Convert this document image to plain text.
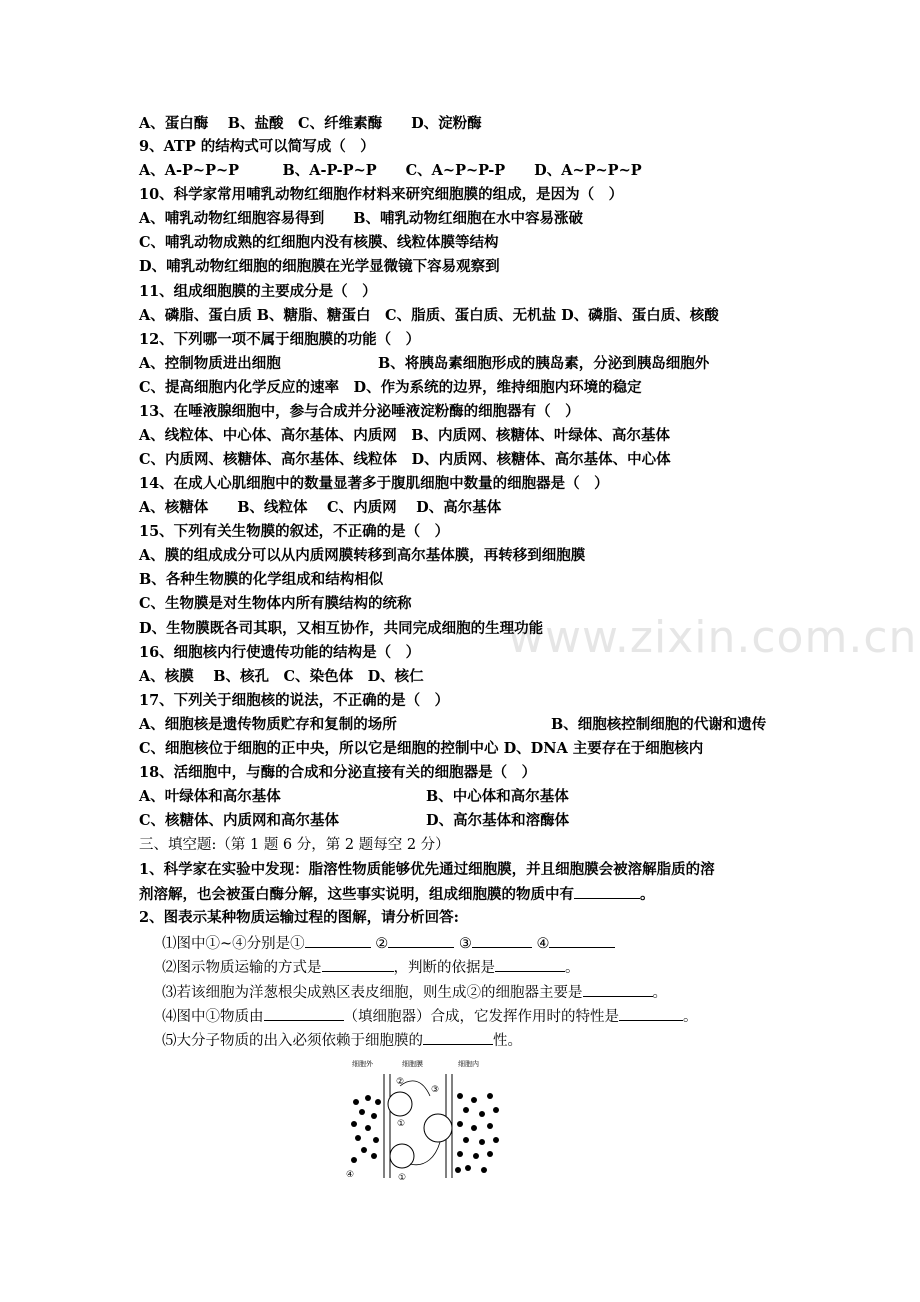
www.zixin.com.cn
A、蛋白酶　 B、盐酸　C、纤维素酶　　D、淀粉酶
9、ATP 的结构式可以简写成（　）
A、A-P~P~P　　　B、A-P-P~P　　C、A~P~P-P　　D、A~P~P~P
10、科学家常用哺乳动物红细胞作材料来研究细胞膜的组成，是因为（　）
A、哺乳动物红细胞容易得到　　B、哺乳动物红细胞在水中容易涨破
C、哺乳动物成熟的红细胞内没有核膜、线粒体膜等结构
D、哺乳动物红细胞的细胞膜在光学显微镜下容易观察到
11、组成细胞膜的主要成分是（　）
A、磷脂、蛋白质 B、糖脂、糖蛋白　C、脂质、蛋白质、无机盐 D、磷脂、蛋白质、核酸
12、下列哪一项不属于细胞膜的功能（　）
A、控制物质进出细胞	B、将胰岛素细胞形成的胰岛素，分泌到胰岛细胞外
C、提高细胞内化学反应的速率　D、作为系统的边界，维持细胞内环境的稳定
13、在唾液腺细胞中，参与合成并分泌唾液淀粉酶的细胞器有（　）
A、线粒体、中心体、高尔基体、内质网　B、内质网、核糖体、叶绿体、高尔基体
C、内质网、核糖体、高尔基体、线粒体　D、内质网、核糖体、高尔基体、中心体
14、在成人心肌细胞中的数量显著多于腹肌细胞中数量的细胞器是（　）
A、核糖体　　B、线粒体　 C、内质网　 D、高尔基体
15、下列有关生物膜的叙述，不正确的是（　）
A、膜的组成成分可以从内质网膜转移到高尔基体膜，再转移到细胞膜
B、各种生物膜的化学组成和结构相似
C、生物膜是对生物体内所有膜结构的统称
D、生物膜既各司其职，又相互协作，共同完成细胞的生理功能
16、细胞核内行使遗传功能的结构是（　）
A、核膜　 B、核孔　C、染色体　D、核仁
17、下列关于细胞核的说法，不正确的是（　）
A、细胞核是遗传物质贮存和复制的场所	B、细胞核控制细胞的代谢和遗传
C、细胞核位于细胞的正中央，所以它是细胞的控制中心 D、DNA 主要存在于细胞核内
18、活细胞中，与酶的合成和分泌直接有关的细胞器是（　）
A、叶绿体和高尔基体	B、中心体和高尔基体
C、核糖体、内质网和高尔基体	D、高尔基体和溶酶体
三、填空题:（第 1 题 6 分，第 2 题每空 2 分）
1、科学家在实验中发现：脂溶性物质能够优先通过细胞膜，并且细胞膜会被溶解脂质的溶
剂溶解，也会被蛋白酶分解，这些事实说明，组成细胞膜的物质中有	。
2、图表示某种物质运输过程的图解，请分析回答:
⑴图中①~④分别是①	②	③	④
⑵图示物质运输的方式是	，判断的依据是	。
⑶若该细胞为洋葱根尖成熟区表皮细胞，则生成②的细胞器主要是	。
⑷图中①物质由	（填细胞器）合成，它发挥作用时的特性是	。
⑸大分子物质的出入必须依赖于细胞膜的	性。
细胞外	细胞膜	细胞内
②
③
①
①
④
